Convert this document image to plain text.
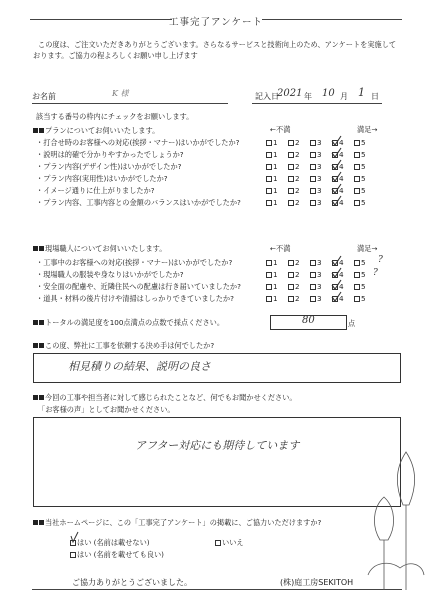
工事完了アンケート
この度は、ご注文いただきありがとうございます。さらなるサービスと技術向上のため、アンケートを実施して
おります。ご協力の程よろしくお願い申し上げます
お名前	K 様	記入日
2021 年 10 月 1 日
該当する番号の枠内にチェックをお願いします。
プランについてお伺いいたします。	←不満	満足→
・打合せ時のお客様への対応(挨拶・マナー)はいかがでしたか?	1	2	3	4	5
・説明は的確で分かりやすかったでしょうか?	1	2	3	4	5
・プラン内容(デザイン性)はいかがでしたか?	1	2	3	4	5
・プラン内容(実用性)はいかがでしたか?	1	2	3	4	5
・イメージ通りに仕上がりましたか?	1	2	3	4	5
・プラン内容、工事内容との金額のバランスはいかがでしたか?	1	2	3	4	5
現場職人についてお伺いいたします。	←不満	満足→
・工事中のお客様への対応(挨拶・マナー)はいかがでしたか?	1	2	3	4	5
・現場職人の服装や身なりはいかがでしたか?	1	2	3	4	5
・安全面の配慮や、近隣住民への配慮は行き届いていましたか?	1	2	3	4	5
・道具・材料の後片付けや清掃はしっかりできていましたか?	1	2	3	4	5
?
?
トータルの満足度を100点満点の点数で採点ください。	80	点
この度、弊社に工事を依頼する決め手は何でしたか?
相見積りの結果、説明の良さ
今回の工事や担当者に対して感じられたことなど、何でもお聞かせください。
「お客様の声」としてお聞かせください。
アフター対応にも期待しています
当社ホームページに、この「工事完了アンケート」の掲載に、ご協力いただけますか?
はい (名前は載せない)	いいえ
はい (名前を載せても良い)
ご協力ありがとうございました。	(株)庭工房SEKITOH
